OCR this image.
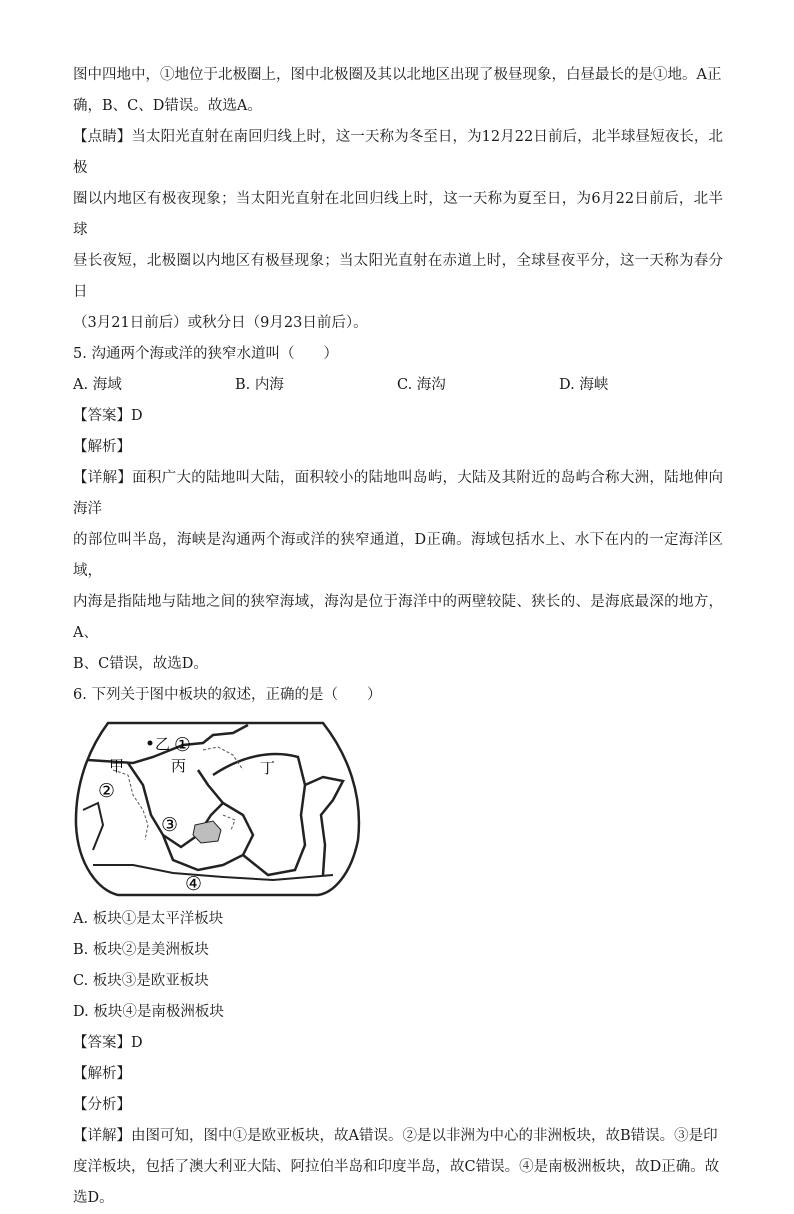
图中四地中，①地位于北极圈上，图中北极圈及其以北地区出现了极昼现象，白昼最长的是①地。A正

确，B、C、D错误。故选A。

【点睛】当太阳光直射在南回归线上时，这一天称为冬至日，为12月22日前后，北半球昼短夜长，北极

圈以内地区有极夜现象；当太阳光直射在北回归线上时，这一天称为夏至日，为6月22日前后，北半球

昼长夜短，北极圈以内地区有极昼现象；当太阳光直射在赤道上时，全球昼夜平分，这一天称为春分日

（3月21日前后）或秋分日（9月23日前后）。

5. 沟通两个海或洋的狭窄水道叫（　　）

A. 海域	B. 内海	C. 海沟	D. 海峡

【答案】D

【解析】

【详解】面积广大的陆地叫大陆，面积较小的陆地叫岛屿，大陆及其附近的岛屿合称大洲，陆地伸向海洋

的部位叫半岛，海峡是沟通两个海或洋的狭窄通道，D正确。海域包括水上、水下在内的一定海洋区域，

内海是指陆地与陆地之间的狭窄海域，海沟是位于海洋中的两壁较陡、狭长的、是海底最深的地方，A、

B、C错误，故选D。

6. 下列关于图中板块的叙述，正确的是（　　）

乙 ①
丙
甲
②
丁
③
④

A. 板块①是太平洋板块

B. 板块②是美洲板块

C. 板块③是欧亚板块

D. 板块④是南极洲板块

【答案】D

【解析】

【分析】

【详解】由图可知，图中①是欧亚板块，故A错误。②是以非洲为中心的非洲板块，故B错误。③是印

度洋板块，包括了澳大利亚大陆、阿拉伯半岛和印度半岛，故C错误。④是南极洲板块，故D正确。故

选D。
